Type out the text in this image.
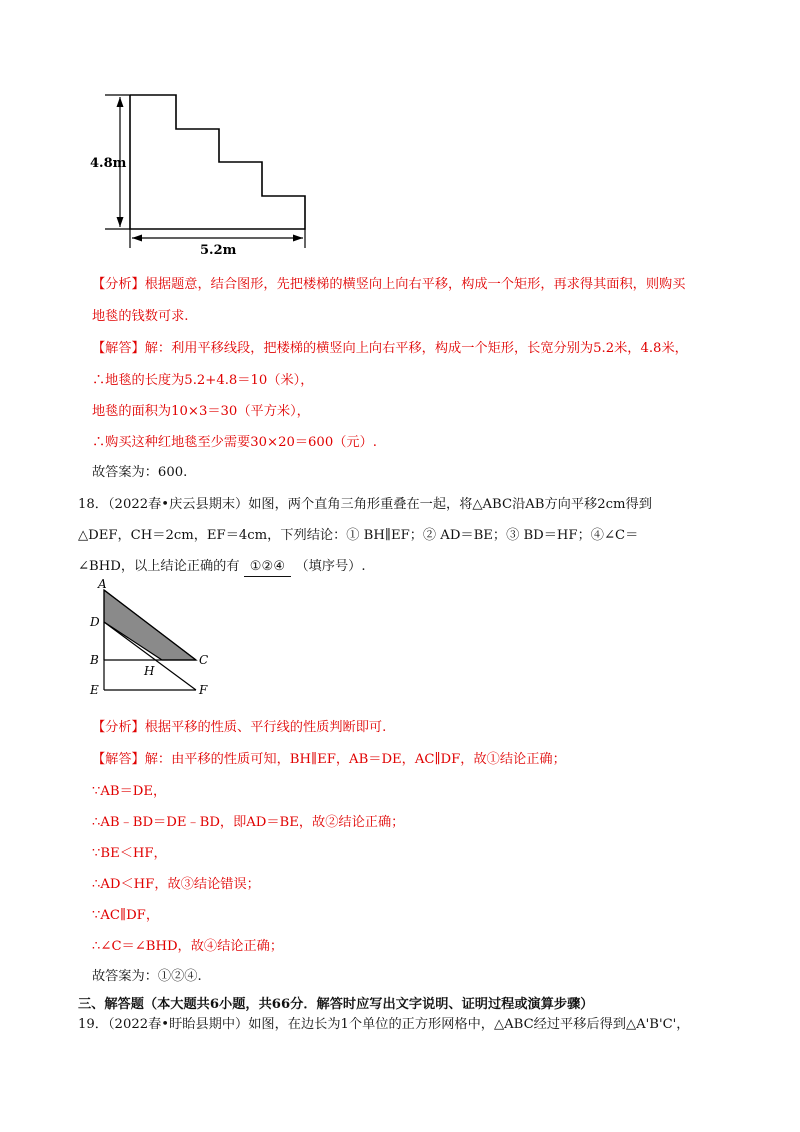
4.8m
5.2m
【分析】根据题意，结合图形，先把楼梯的横竖向上向右平移，构成一个矩形，再求得其面积，则购买
地毯的钱数可求.
【解答】解：利用平移线段，把楼梯的横竖向上向右平移，构成一个矩形，长宽分别为5.2米，4.8米，
∴地毯的长度为5.2+4.8＝10（米），
地毯的面积为10×3＝30（平方米），
∴购买这种红地毯至少需要30×20＝600（元）.
故答案为：600.
18．（2022春•庆云县期末）如图，两个直角三角形重叠在一起，将△ABC沿AB方向平移2cm得到
△DEF，CH＝2cm，EF＝4cm，下列结论：① BH∥EF；② AD＝BE；③ BD＝HF；④∠C＝
∠BHD，以上结论正确的有 ①②④ （填序号）.
A
D
B
E
C
H
F
【分析】根据平移的性质、平行线的性质判断即可.
【解答】解：由平移的性质可知，BH∥EF，AB＝DE，AC∥DF，故①结论正确；
∵AB＝DE，
∴AB﹣BD＝DE﹣BD，即AD＝BE，故②结论正确；
∵BE＜HF，
∴AD＜HF，故③结论错误；
∵AC∥DF，
∴∠C＝∠BHD，故④结论正确；
故答案为：①②④.
三、解答题（本大题共6小题，共66分．解答时应写出文字说明、证明过程或演算步骤）
19．（2022春•盱眙县期中）如图，在边长为1个单位的正方形网格中，△ABC经过平移后得到△A'B'C'，
